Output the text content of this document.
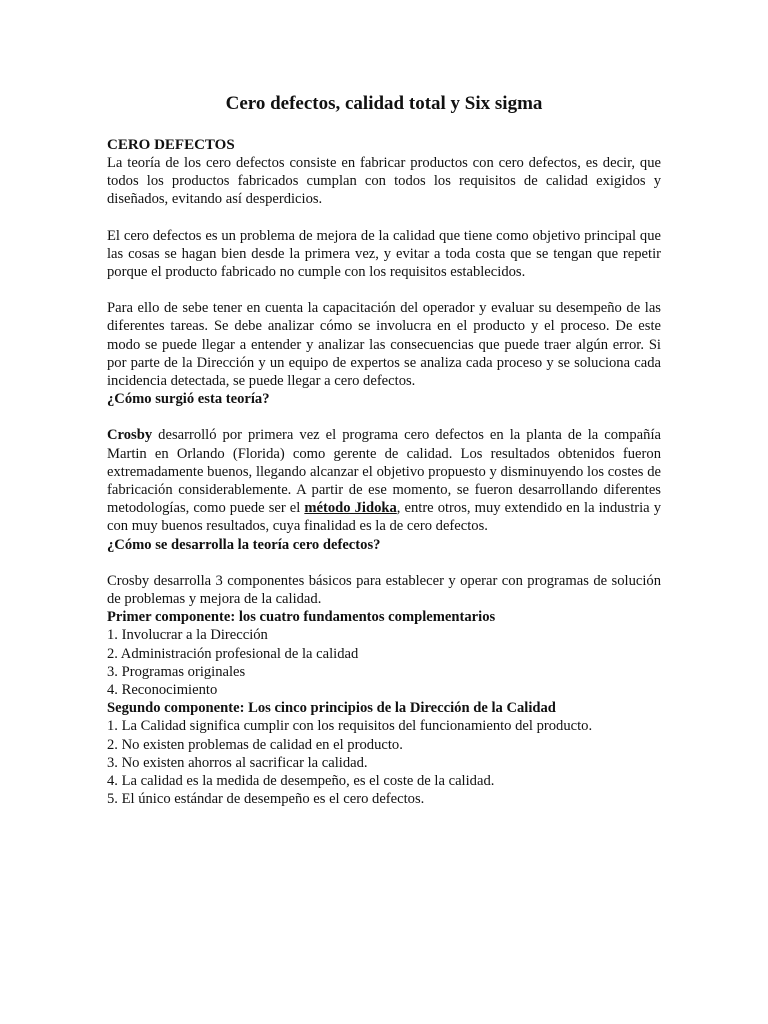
Cero defectos, calidad total y Six sigma
CERO DEFECTOS

La teoría de los cero defectos consiste en fabricar productos con cero defectos, es decir, que todos los productos fabricados cumplan con todos los requisitos de calidad exigidos y diseñados, evitando así desperdicios.

El cero defectos es un problema de mejora de la calidad que tiene como objetivo principal que las cosas se hagan bien desde la primera vez, y evitar a toda costa que se tengan que repetir porque el producto fabricado no cumple con los requisitos establecidos.

Para ello de sebe tener en cuenta la capacitación del operador y evaluar su desempeño de las diferentes tareas. Se debe analizar cómo se involucra en el producto y el proceso. De este modo se puede llegar a entender y analizar las consecuencias que puede traer algún error. Si por parte de la Dirección y un equipo de expertos se analiza cada proceso y se soluciona cada incidencia detectada, se puede llegar a cero defectos.

¿Cómo surgió esta teoría?

Crosby desarrolló por primera vez el programa cero defectos en la planta de la compañía Martin en Orlando (Florida) como gerente de calidad. Los resultados obtenidos fueron extremadamente buenos, llegando alcanzar el objetivo propuesto y disminuyendo los costes de fabricación considerablemente. A partir de ese momento, se fueron desarrollando diferentes metodologías, como puede ser el método Jidoka, entre otros, muy extendido en la industria y con muy buenos resultados, cuya finalidad es la de cero defectos.

¿Cómo se desarrolla la teoría cero defectos?

Crosby desarrolla 3 componentes básicos para establecer y operar con programas de solución de problemas y mejora de la calidad.

Primer componente: los cuatro fundamentos complementarios

1. Involucrar a la Dirección
2. Administración profesional de la calidad
3. Programas originales
4. Reconocimiento

Segundo componente: Los cinco principios de la Dirección de la Calidad

1. La Calidad significa cumplir con los requisitos del funcionamiento del producto.
2. No existen problemas de calidad en el producto.
3. No existen ahorros al sacrificar la calidad.
4. La calidad es la medida de desempeño, es el coste de la calidad.
5. El único estándar de desempeño es el cero defectos.
